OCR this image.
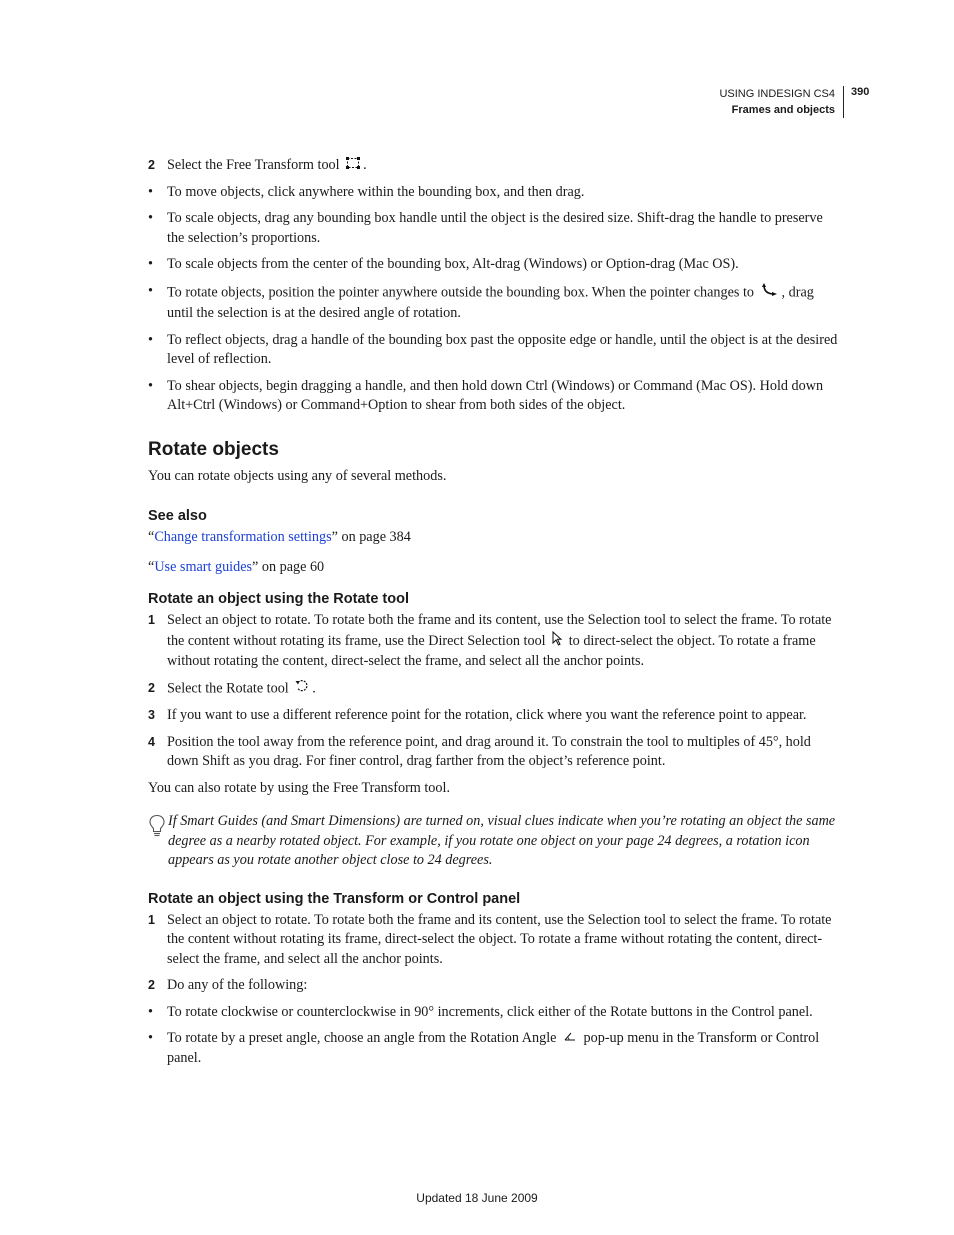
USING INDESIGN CS4
Frames and objects
390
2 Select the Free Transform tool .
• To move objects, click anywhere within the bounding box, and then drag.
• To scale objects, drag any bounding box handle until the object is the desired size. Shift-drag the handle to preserve the selection’s proportions.
• To scale objects from the center of the bounding box, Alt-drag (Windows) or Option-drag (Mac OS).
• To rotate objects, position the pointer anywhere outside the bounding box. When the pointer changes to , drag until the selection is at the desired angle of rotation.
• To reflect objects, drag a handle of the bounding box past the opposite edge or handle, until the object is at the desired level of reflection.
• To shear objects, begin dragging a handle, and then hold down Ctrl (Windows) or Command (Mac OS). Hold down Alt+Ctrl (Windows) or Command+Option to shear from both sides of the object.
Rotate objects
You can rotate objects using any of several methods.
See also
“Change transformation settings” on page 384
“Use smart guides” on page 60
Rotate an object using the Rotate tool
1 Select an object to rotate. To rotate both the frame and its content, use the Selection tool to select the frame. To rotate the content without rotating its frame, use the Direct Selection tool to direct-select the object. To rotate a frame without rotating the content, direct-select the frame, and select all the anchor points.
2 Select the Rotate tool .
3 If you want to use a different reference point for the rotation, click where you want the reference point to appear.
4 Position the tool away from the reference point, and drag around it. To constrain the tool to multiples of 45°, hold down Shift as you drag. For finer control, drag farther from the object’s reference point.
You can also rotate by using the Free Transform tool.
If Smart Guides (and Smart Dimensions) are turned on, visual clues indicate when you’re rotating an object the same degree as a nearby rotated object. For example, if you rotate one object on your page 24 degrees, a rotation icon appears as you rotate another object close to 24 degrees.
Rotate an object using the Transform or Control panel
1 Select an object to rotate. To rotate both the frame and its content, use the Selection tool to select the frame. To rotate the content without rotating its frame, direct-select the object. To rotate a frame without rotating the content, direct-select the frame, and select all the anchor points.
2 Do any of the following:
• To rotate clockwise or counterclockwise in 90° increments, click either of the Rotate buttons in the Control panel.
• To rotate by a preset angle, choose an angle from the Rotation Angle pop-up menu in the Transform or Control panel.
Updated 18 June 2009
